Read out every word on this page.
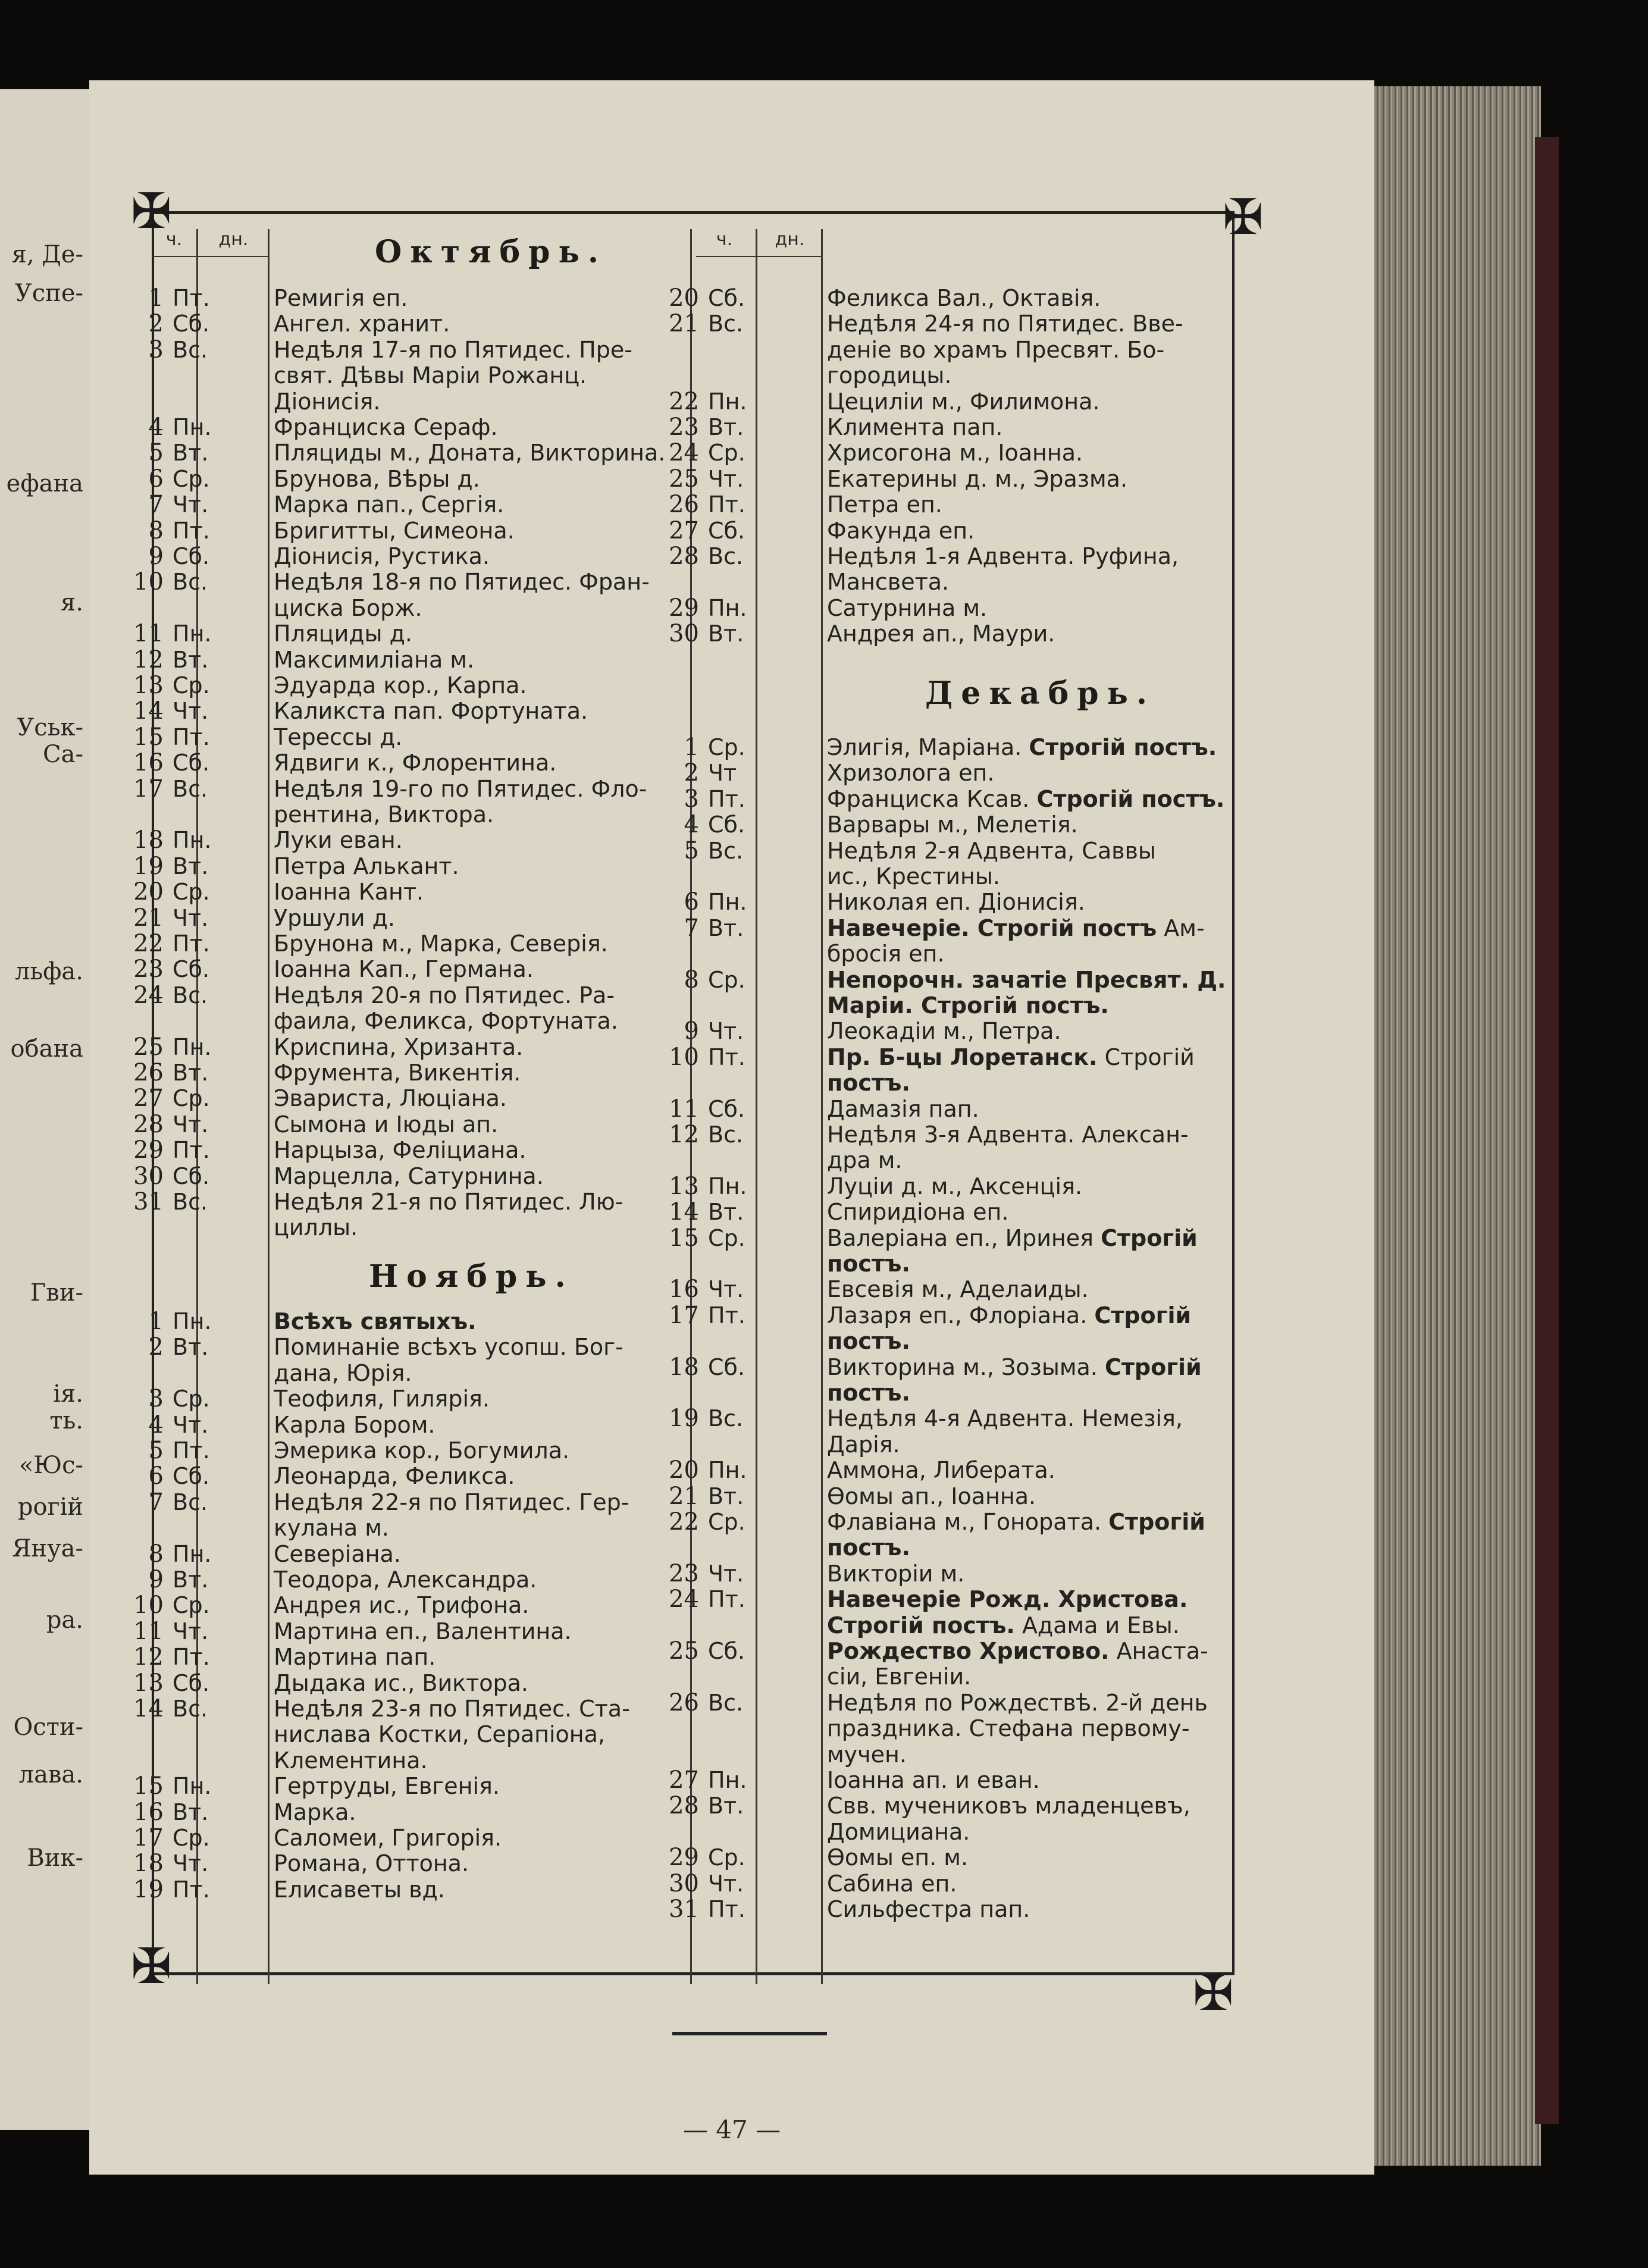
я, Де-
Успе-
ефана
я.
Уськ-
Са-
льфа.
обана
Гви-
ія.
ть.
«Юс-
рогій
Януа-
ра.
Ости-
лава.
Вик-
✠	✠
✠	✠
ч.	дн.	ч.	дн.
Октябрь.
Ноябрь.
Декабрь.
— 47 —
1 Пт.	Ремигія еп.
2 Сб.	Ангел. хранит.
3 Вс.	Недѣля 17-я по Пятидес. Пре-
свят. Дѣвы Маріи Рожанц.
Діонисія.
4 Пн.	Франциска Сераф.
5 Вт.	Пляциды м., Доната, Викторина.
6 Ср.	Брунова, Вѣры д.
7 Чт.	Марка пап., Сергія.
8 Пт.	Бригитты, Симеона.
9 Сб.	Діонисія, Рустика.
10 Вс.	Недѣля 18-я по Пятидес. Фран-
циска Борж.
11 Пн.	Пляциды д.
12 Вт.	Максимиліана м.
13 Ср.	Эдуарда кор., Карпа.
14 Чт.	Каликста пап. Фортуната.
15 Пт.	Терессы д.
16 Сб.	Ядвиги к., Флорентина.
17 Вс.	Недѣля 19-го по Пятидес. Фло-
рентина, Виктора.
18 Пн.	Луки еван.
19 Вт.	Петра Алькант.
20 Ср.	Іоанна Кант.
21 Чт.	Уршули д.
22 Пт.	Брунона м., Марка, Северія.
23 Сб.	Іоанна Кап., Германа.
24 Вс.	Недѣля 20-я по Пятидес. Ра-
фаила, Феликса, Фортуната.
25 Пн.	Криспина, Хризанта.
26 Вт.	Фрументa, Викентія.
27 Ср.	Эвариста, Люціана.
28 Чт.	Сымона и Іюды ап.
29 Пт.	Нарцыза, Феліциана.
30 Сб.	Марцелла, Сатурнина.
31 Вс.	Недѣля 21-я по Пятидес. Лю-
циллы.
1 Пн.	Всѣхъ святыхъ.
2 Вт.	Поминаніе всѣхъ усопш. Бог-
дана, Юрія.
3 Ср.	Теофиля, Гилярія.
4 Чт.	Карла Бором.
5 Пт.	Эмерика кор., Богумила.
6 Сб.	Леонарда, Феликса.
7 Вс.	Недѣля 22-я по Пятидес. Гер-
кулана м.
8 Пн.	Северіана.
9 Вт.	Теодора, Александра.
10 Ср.	Андрея ис., Трифона.
11 Чт.	Мартина еп., Валентина.
12 Пт.	Мартина пап.
13 Сб.	Дыдака ис., Виктора.
14 Вс.	Недѣля 23-я по Пятидес. Ста-
нислава Костки, Серапіона,
Клементина.
15 Пн.	Гертруды, Евгенія.
16 Вт.	Марка.
17 Ср.	Саломеи, Григорія.
18 Чт.	Романа, Оттона.
19 Пт.	Елисаветы вд.
20 Сб.	Феликса Вал., Октавія.
21 Вс.	Недѣля 24-я по Пятидес. Вве-
деніе во храмъ Пресвят. Бо-
городицы.
22 Пн.	Цециліи м., Филимона.
23 Вт.	Климента пап.
24 Ср.	Хрисогона м., Іоанна.
25 Чт.	Екатерины д. м., Эразма.
26 Пт.	Петра еп.
27 Сб.	Факунда еп.
28 Вс.	Недѣля 1-я Адвента. Руфина,
Мансвета.
29 Пн.	Сатурнина м.
30 Вт.	Андрея ап., Маури.
1 Ср.	Элигія, Маріана. Строгій постъ.
2 Чт	Хризолога еп.
3 Пт.	Франциска Ксав. Строгій постъ.
4 Сб.	Варвары м., Мелетія.
5 Вс.	Недѣля 2-я Адвента, Саввы
ис., Крестины.
6 Пн.	Николая еп. Діонисія.
7 Вт.	Навечеріе. Строгій постъ Ам-
бросія еп.
8 Ср.	Непорочн. зачатіе Пресвят. Д.
Маріи. Строгій постъ.
9 Чт.	Леокадіи м., Петра.
10 Пт.	Пр. Б-цы Лоретанск. Строгій
постъ.
11 Сб.	Дамазія пап.
12 Вс.	Недѣля 3-я Адвента. Алексан-
дра м.
13 Пн.	Луціи д. м., Аксенція.
14 Вт.	Спиридіона еп.
15 Ср.	Валеріана еп., Иринея Строгій
постъ.
16 Чт.	Евсевія м., Аделаиды.
17 Пт.	Лазаря еп., Флоріана. Строгій
постъ.
18 Сб.	Викторина м., Зозыма. Строгій
постъ.
19 Вс.	Недѣля 4-я Адвента. Немезія,
Дарія.
20 Пн.	Аммона, Либерата.
21 Вт.	Өомы ап., Іоанна.
22 Ср.	Флавіана м., Гонората. Строгій
постъ.
23 Чт.	Викторіи м.
24 Пт.	Навечеріе Рожд. Христова.
Строгій постъ. Адама и Евы.
25 Сб.	Рождество Христово. Анаста-
сіи, Евгеніи.
26 Вс.	Недѣля по Рождествѣ. 2-й день
праздника. Стефана первому-
мучен.
27 Пн.	Іоанна ап. и еван.
28 Вт.	Свв. мучениковъ младенцевъ,
Домициана.
29 Ср.	Өомы еп. м.
30 Чт.	Сабина еп.
31 Пт.	Сильфестра пап.
